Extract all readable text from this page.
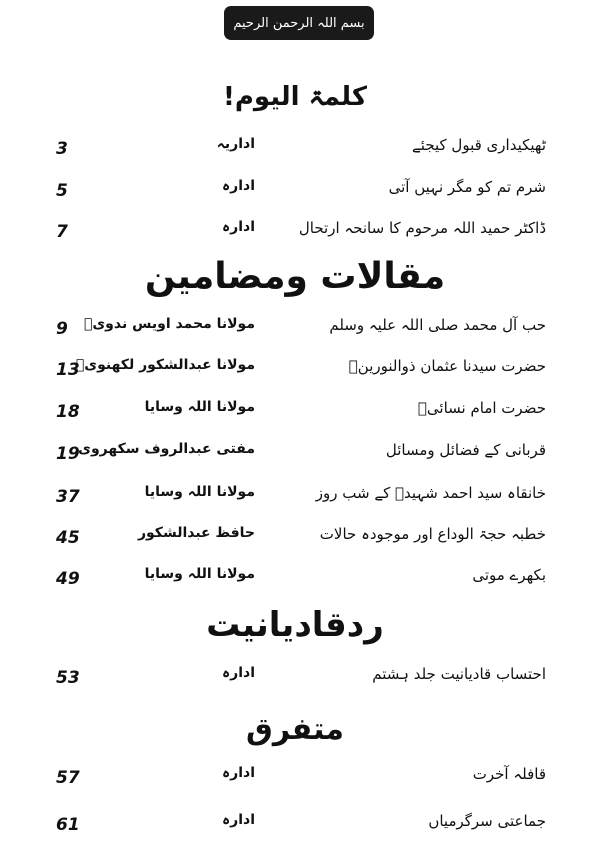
بسم اللہ الرحمن الرحیم
کلمۃ الیوم!
ٹھیکیداری قبول کیجئے
اداریہ
3
شرم تم کو مگر نہیں آتی
ادارہ
5
ڈاکٹر حمید اللہ مرحوم کا سانحہ ارتحال
ادارہ
7
مقالات ومضامین
حب آل محمد صلی اللہ علیہ وسلم
مولانا محمد اویس ندویؒ
9
حضرت سیدنا عثمان ذوالنورینؓ
مولانا عبدالشکور لکھنویؒ
13
حضرت امام نسائیؒ
مولانا اللہ وسایا
18
قربانی کے فضائل ومسائل
مفتی عبدالروف سکھروی
19
خانقاہ سید احمد شہیدؒ کے شب روز
مولانا اللہ وسایا
37
خطبہ حجۃ الوداع اور موجودہ حالات
حافظ عبدالشکور
45
بکھرے موتی
مولانا اللہ وسایا
49
ردقادیانیت
احتساب قادیانیت جلد ہشتم
ادارہ
53
متفرق
قافلہ آخرت
ادارہ
57
جماعتی سرگرمیاں
ادارہ
61
